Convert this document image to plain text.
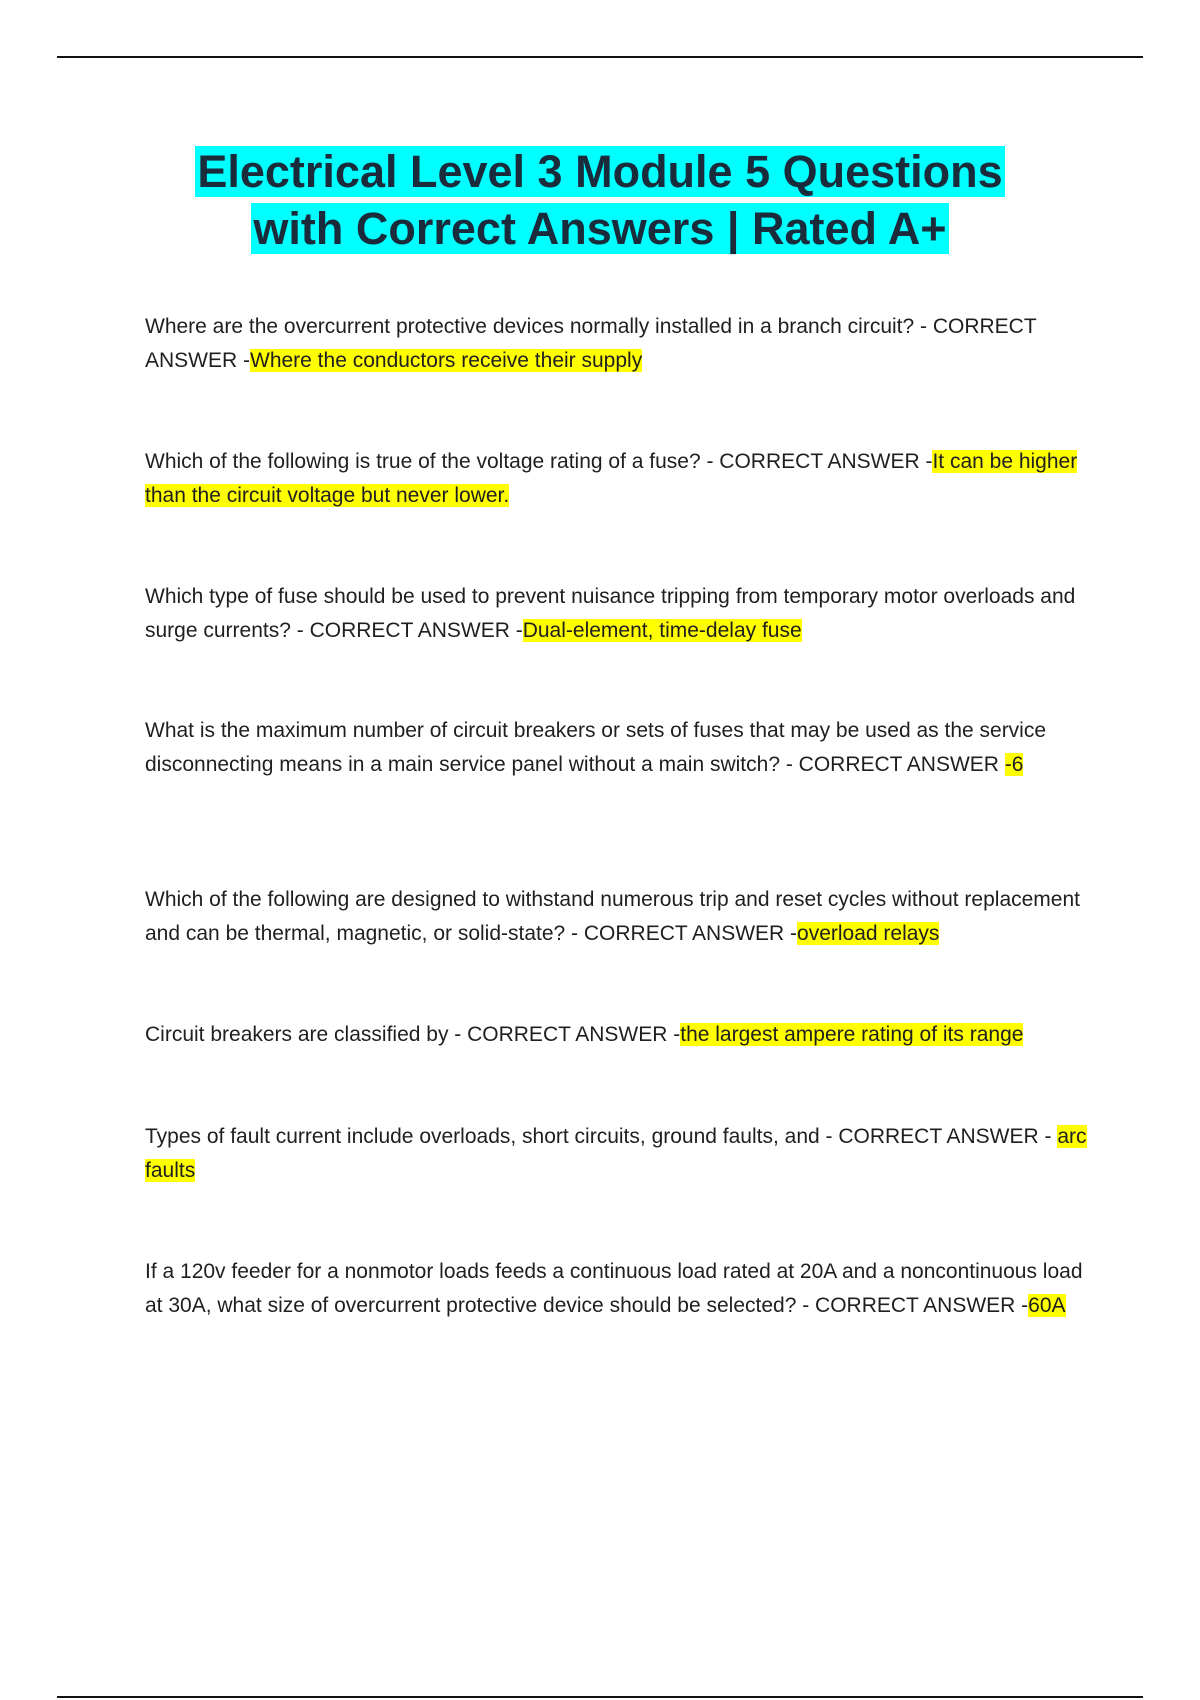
Electrical Level 3 Module 5 Questions
with Correct Answers | Rated A+
Where are the overcurrent protective devices normally installed in a branch circuit? - CORRECT ANSWER -Where the conductors receive their supply
Which of the following is true of the voltage rating of a fuse? - CORRECT ANSWER -It can be higher than the circuit voltage but never lower.
Which type of fuse should be used to prevent nuisance tripping from temporary motor overloads and surge currents? - CORRECT ANSWER -Dual-element, time-delay fuse
What is the maximum number of circuit breakers or sets of fuses that may be used as the service disconnecting means in a main service panel without a main switch? - CORRECT ANSWER -6
Which of the following are designed to withstand numerous trip and reset cycles without replacement and can be thermal, magnetic, or solid-state? - CORRECT ANSWER -overload relays
Circuit breakers are classified by - CORRECT ANSWER -the largest ampere rating of its range
Types of fault current include overloads, short circuits, ground faults, and - CORRECT ANSWER - arc faults
If a 120v feeder for a nonmotor loads feeds a continuous load rated at 20A and a noncontinuous load at 30A, what size of overcurrent protective device should be selected? - CORRECT ANSWER -60A
